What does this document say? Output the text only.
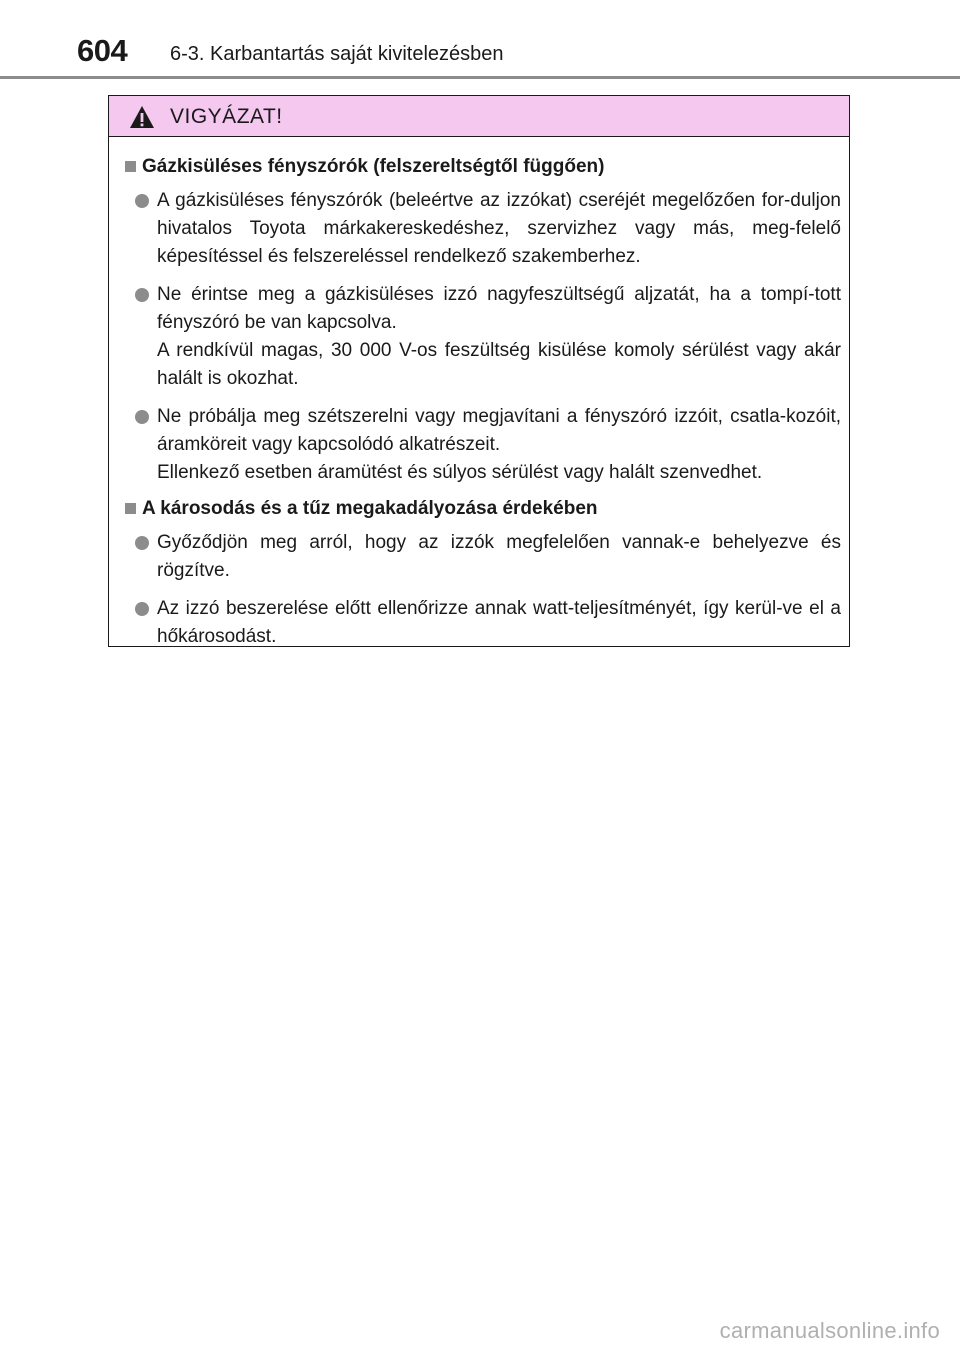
604 6-3. Karbantartás saját kivitelezésben
VIGYÁZAT!
Gázkisüléses fényszórók (felszereltségtől függően)

A gázkisüléses fényszórók (beleértve az izzókat) cseréjét megelőzően for-duljon hivatalos Toyota márkakereskedéshez, szervizhez vagy más, meg-felelő képesítéssel és felszereléssel rendelkező szakemberhez.

Ne érintse meg a gázkisüléses izzó nagyfeszültségű aljzatát, ha a tompí-tott fényszóró be van kapcsolva.

A rendkívül magas, 30 000 V-os feszültség kisülése komoly sérülést vagy akár halált is okozhat.

Ne próbálja meg szétszerelni vagy megjavítani a fényszóró izzóit, csatla-kozóit, áramköreit vagy kapcsolódó alkatrészeit.

Ellenkező esetben áramütést és súlyos sérülést vagy halált szenvedhet.

A károsodás és a tűz megakadályozása érdekében

Győződjön meg arról, hogy az izzók megfelelően vannak-e behelyezve és rögzítve.

Az izzó beszerelése előtt ellenőrizze annak watt-teljesítményét, így kerül-ve el a hőkárosodást.

carmanualsonline.info
